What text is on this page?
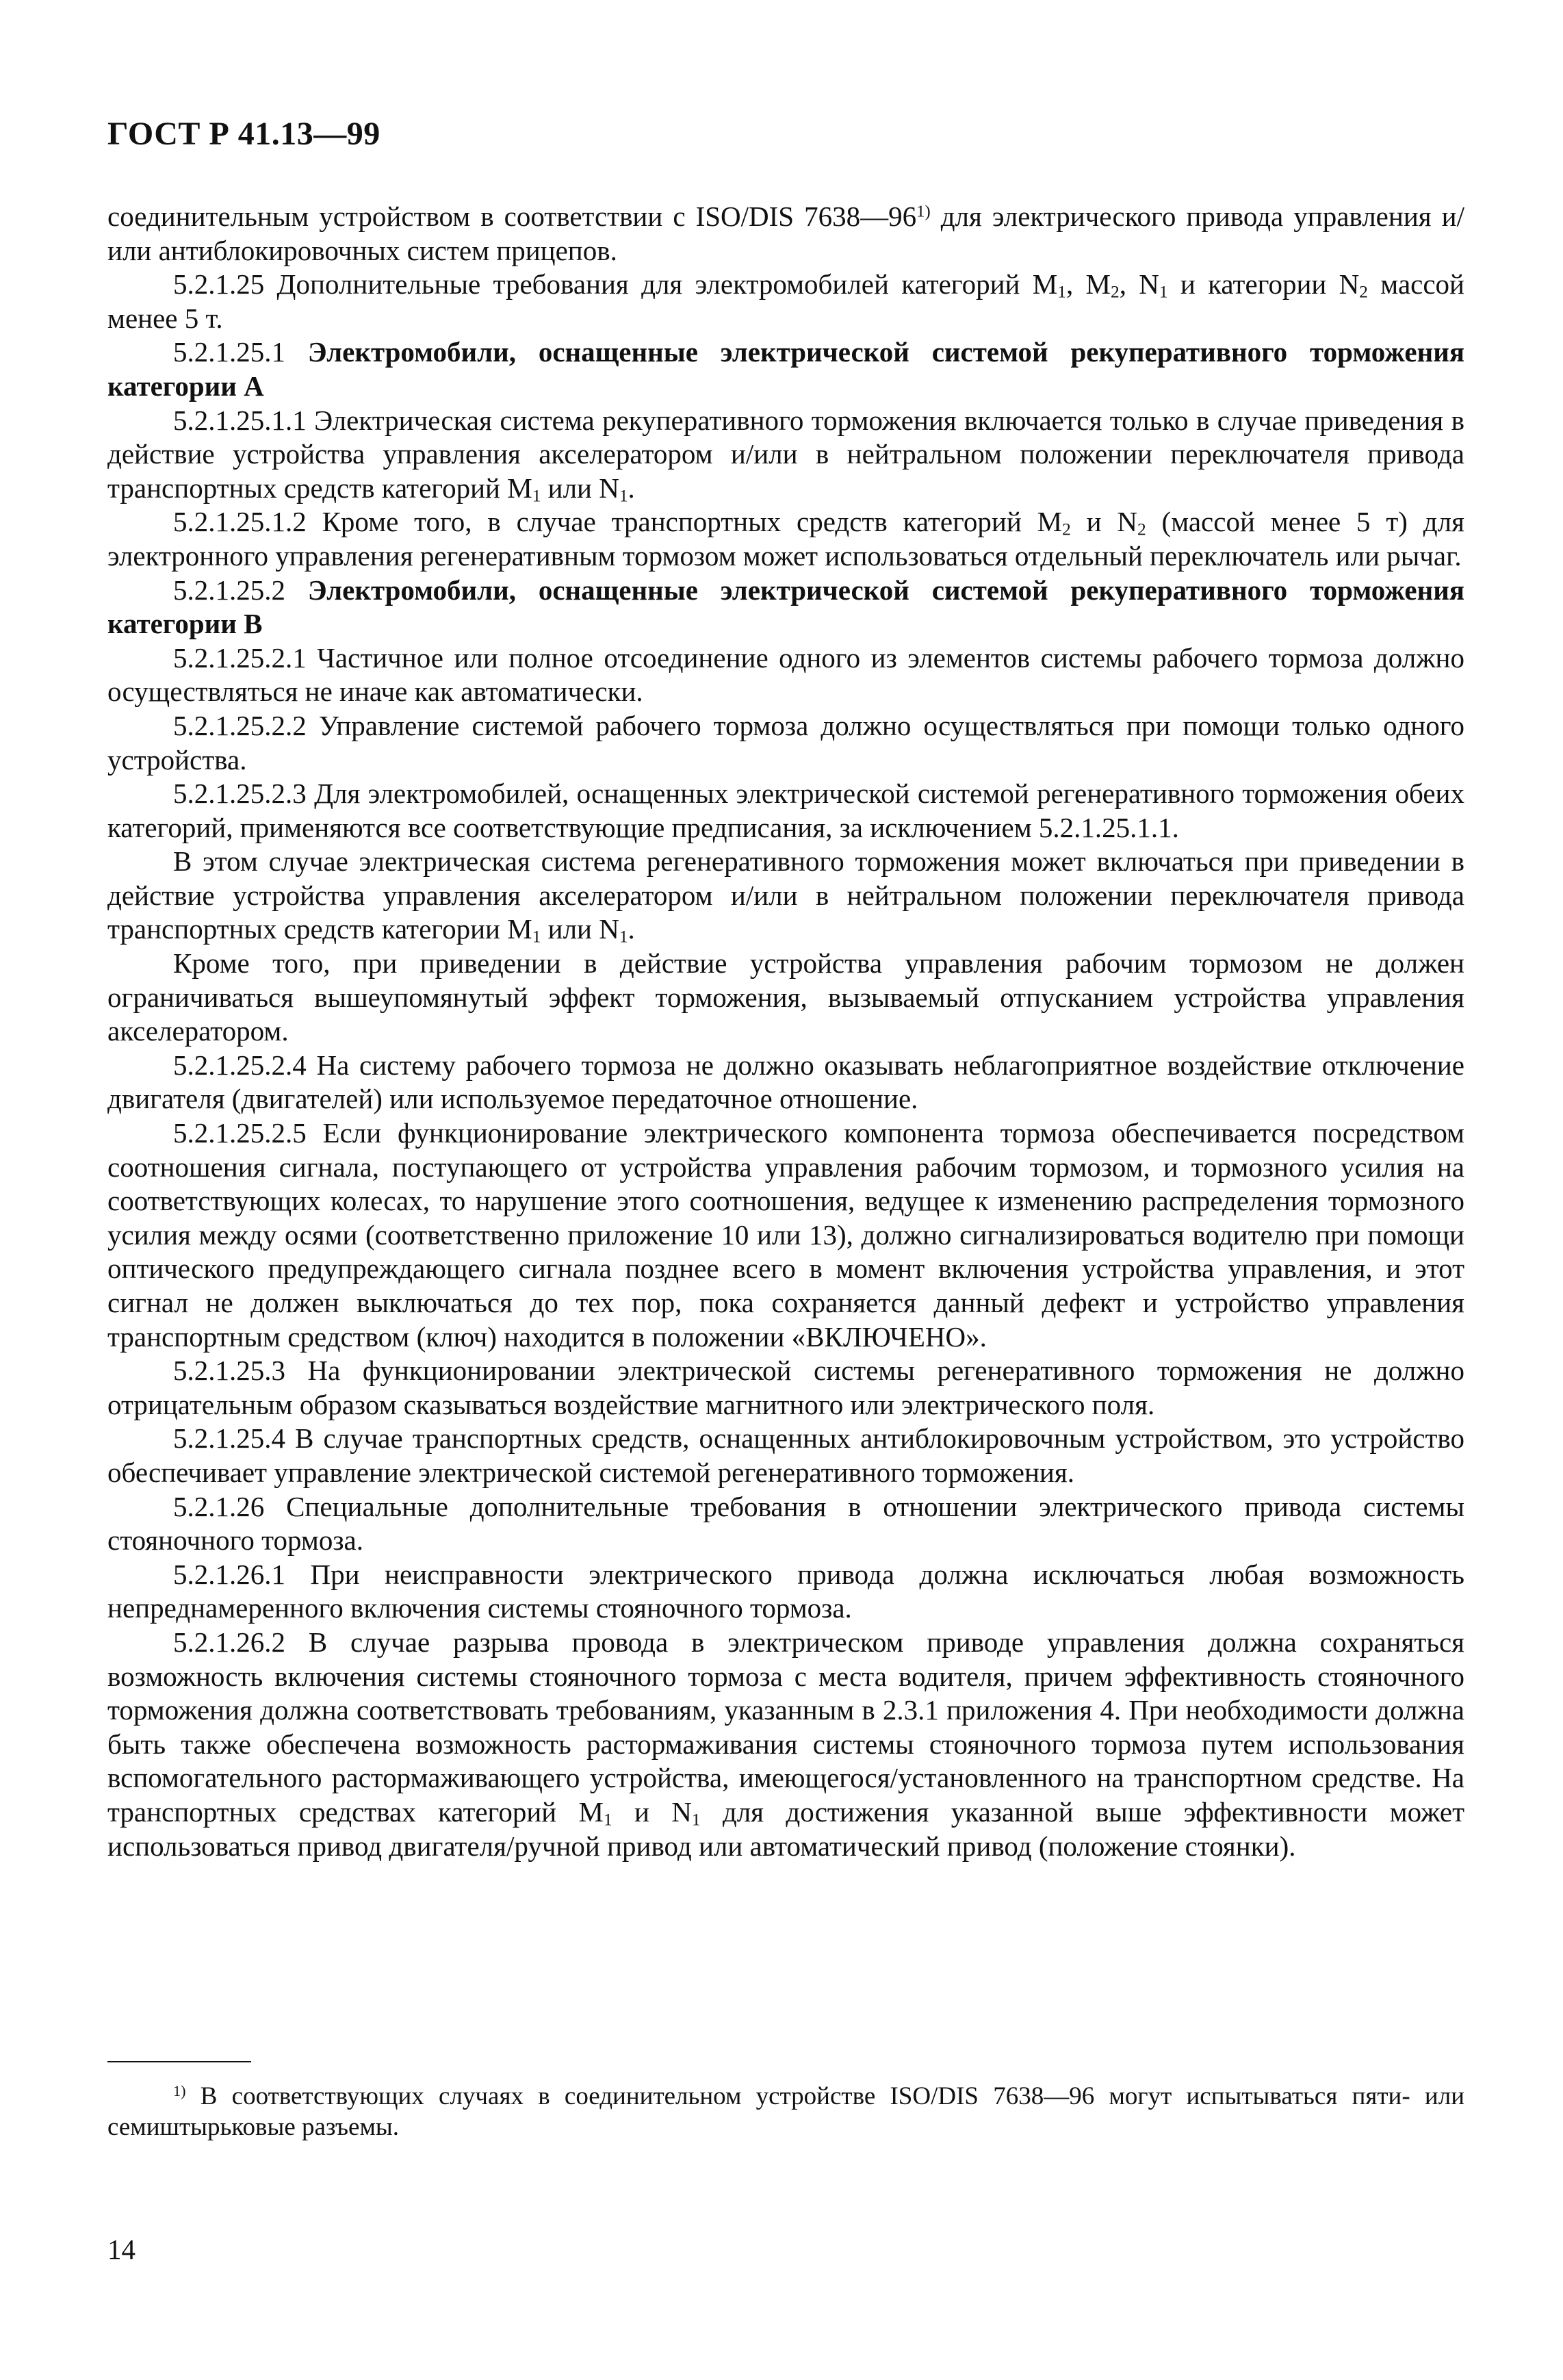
ГОСТ Р 41.13—99

соединительным устройством в соответствии с ISO/DIS 7638—96$^{1)}$ для электрического привода управления и/или антиблокировочных систем прицепов.

5.2.1.25 Дополнительные требования для электромобилей категорий $M_1$, $M_2$, $N_1$ и категории $N_2$ массой менее 5 т.

5.2.1.25.1 Электромобили, оснащенные электрической системой рекуперативного торможения категории А

5.2.1.25.1.1 Электрическая система рекуперативного торможения включается только в случае приведения в действие устройства управления акселератором и/или в нейтральном положении переключателя привода транспортных средств категорий $M_1$ или $N_1$.

5.2.1.25.1.2 Кроме того, в случае транспортных средств категорий $M_2$ и $N_2$ (массой менее 5 т) для электронного управления регенеративным тормозом может использоваться отдельный переключатель или рычаг.

5.2.1.25.2 Электромобили, оснащенные электрической системой рекуперативного торможения категории B

5.2.1.25.2.1 Частичное или полное отсоединение одного из элементов системы рабочего тормоза должно осуществляться не иначе как автоматически.

5.2.1.25.2.2 Управление системой рабочего тормоза должно осуществляться при помощи только одного устройства.

5.2.1.25.2.3 Для электромобилей, оснащенных электрической системой регенеративного торможения обеих категорий, применяются все соответствующие предписания, за исключением 5.2.1.25.1.1.

В этом случае электрическая система регенеративного торможения может включаться при приведении в действие устройства управления акселератором и/или в нейтральном положении переключателя привода транспортных средств категории $M_1$ или $N_1$.

Кроме того, при приведении в действие устройства управления рабочим тормозом не должен ограничиваться вышеупомянутый эффект торможения, вызываемый отпусканием устройства управления акселератором.

5.2.1.25.2.4 На систему рабочего тормоза не должно оказывать неблагоприятное воздействие отключение двигателя (двигателей) или используемое передаточное отношение.

5.2.1.25.2.5 Если функционирование электрического компонента тормоза обеспечивается посредством соотношения сигнала, поступающего от устройства управления рабочим тормозом, и тормозного усилия на соответствующих колесах, то нарушение этого соотношения, ведущее к изменению распределения тормозного усилия между осями (соответственно приложение 10 или 13), должно сигнализироваться водителю при помощи оптического предупреждающего сигнала позднее всего в момент включения устройства управления, и этот сигнал не должен выключаться до тех пор, пока сохраняется данный дефект и устройство управления транспортным средством (ключ) находится в положении «ВКЛЮЧЕНО».

5.2.1.25.3 На функционировании электрической системы регенеративного торможения не должно отрицательным образом сказываться воздействие магнитного или электрического поля.

5.2.1.25.4 В случае транспортных средств, оснащенных антиблокировочным устройством, это устройство обеспечивает управление электрической системой регенеративного торможения.

5.2.1.26 Специальные дополнительные требования в отношении электрического привода системы стояночного тормоза.

5.2.1.26.1 При неисправности электрического привода должна исключаться любая возможность непреднамеренного включения системы стояночного тормоза.

5.2.1.26.2 В случае разрыва провода в электрическом приводе управления должна сохраняться возможность включения системы стояночного тормоза с места водителя, причем эффективность стояночного торможения должна соответствовать требованиям, указанным в 2.3.1 приложения 4. При необходимости должна быть также обеспечена возможность растормаживания системы стояночного тормоза путем использования вспомогательного растормаживающего устройства, имеющегося/установленного на транспортном средстве. На транспортных средствах категорий $M_1$ и $N_1$ для достижения указанной выше эффективности может использоваться привод двигателя/ручной привод или автоматический привод (положение стоянки).

$^{1)}$ В соответствующих случаях в соединительном устройстве ISO/DIS 7638—96 могут испытываться пяти- или семиштырьковые разъемы.

14
